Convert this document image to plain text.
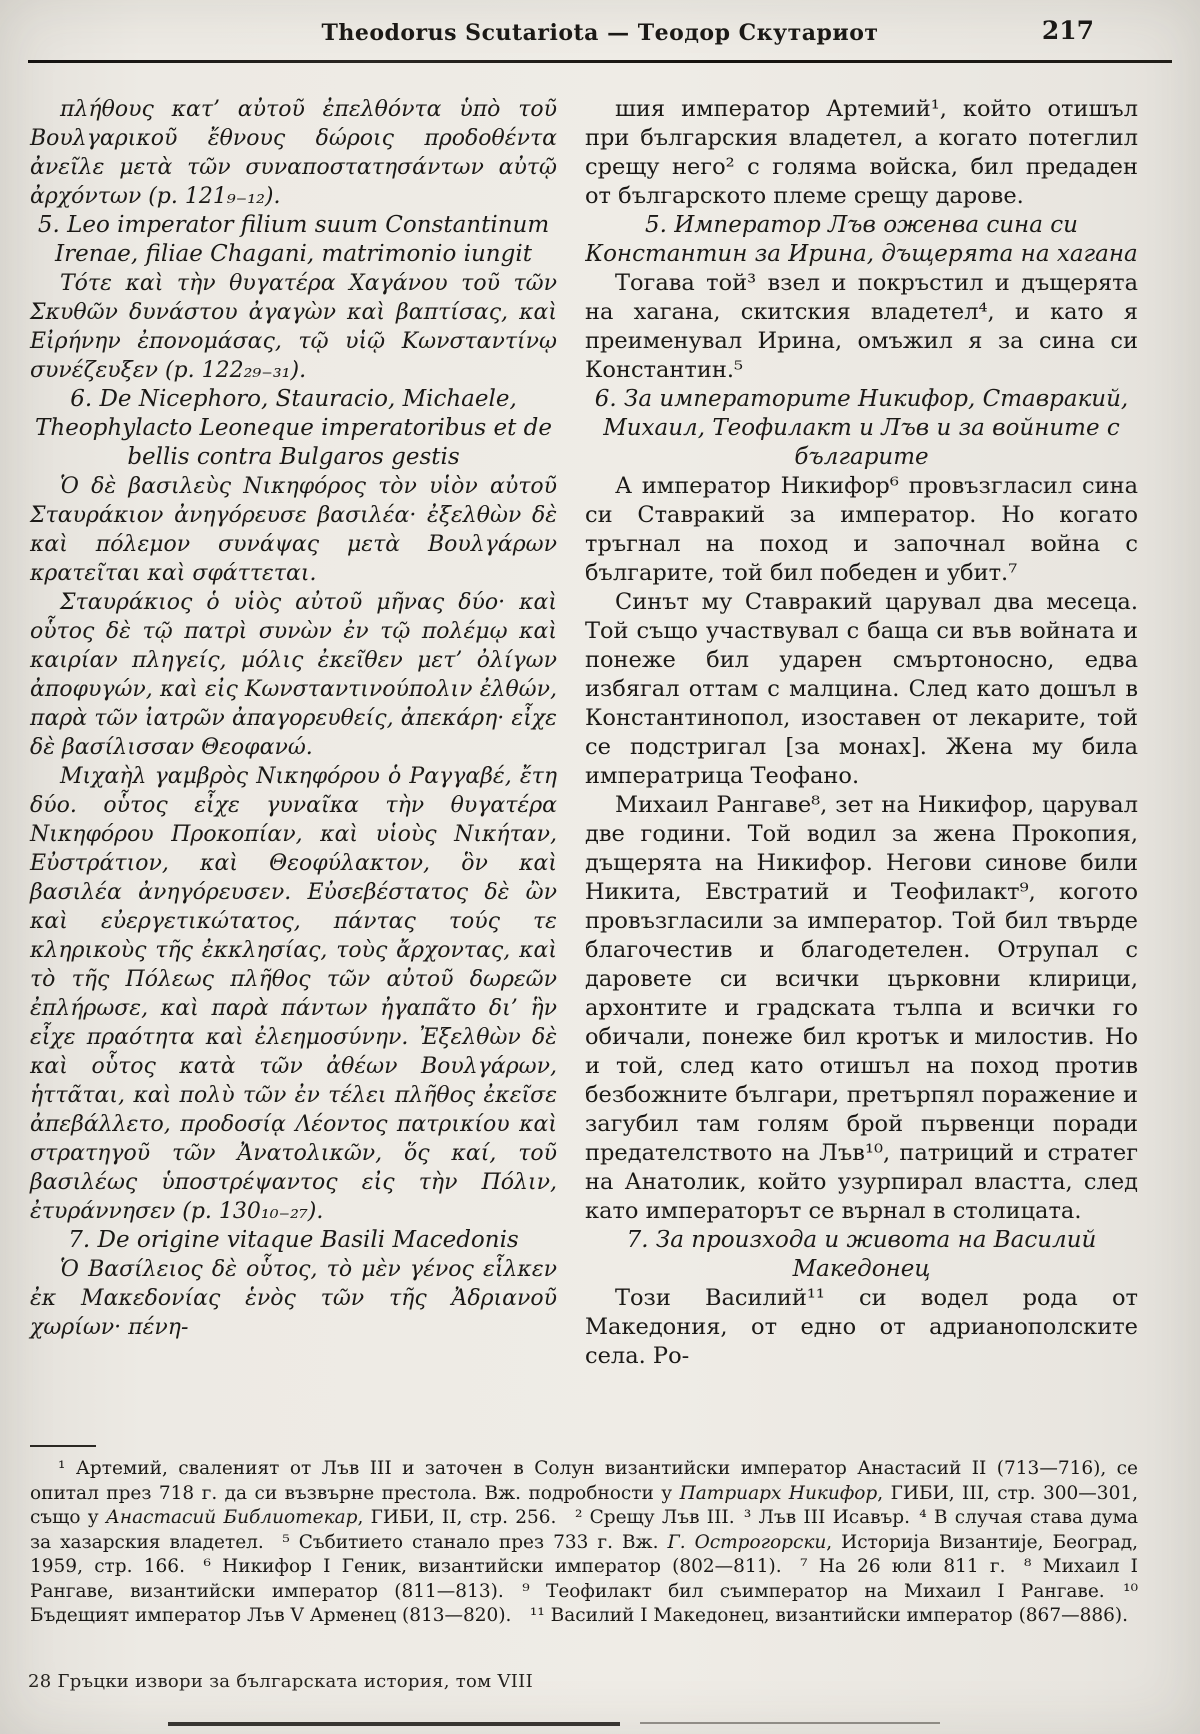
Theodorus Scutariota — Теодор Скутариот	217

πλήθους κατ’ αὐτοῦ ἐπελθόντα ὑπὸ τοῦ Βουλγαρικοῦ ἔθνους δώροις προδοθέντα ἀνεῖλε μετὰ τῶν συναποστατησάντων αὐτῷ ἀρχόντων (p. 121₉₋₁₂).

5. Leo imperator filium suum Constantinum Irenae, filiae Chagani, matrimonio iungit

Τότε καὶ τὴν θυγατέρα Χαγάνου τοῦ τῶν Σκυθῶν δυνάστου ἀγαγὼν καὶ βαπτίσας, καὶ Εἰρήνην ἐπονομάσας, τῷ υἱῷ Κωνσταντίνῳ συνέζευξεν (p. 122₂₉₋₃₁).

6. De Nicephoro, Stauracio, Michaele, Theophylacto Leoneque imperatoribus et de bellis contra Bulgaros gestis

Ὁ δὲ βασιλεὺς Νικηφόρος τὸν υἱὸν αὐτοῦ Σταυράκιον ἀνηγόρευσε βασιλέα· ἐξελθὼν δὲ καὶ πόλεμον συνάψας μετὰ Βουλγάρων κρατεῖται καὶ σφάττεται.

Σταυράκιος ὁ υἱὸς αὐτοῦ μῆνας δύο· καὶ οὗτος δὲ τῷ πατρὶ συνὼν ἐν τῷ πολέμῳ καὶ καιρίαν πληγείς, μόλις ἐκεῖθεν μετ’ ὀλίγων ἀποφυγών, καὶ εἰς Κωνσταντινούπολιν ἐλθών, παρὰ τῶν ἰατρῶν ἀπαγορευθείς, ἀπεκάρη· εἶχε δὲ βασίλισσαν Θεοφανώ.

Μιχαὴλ γαμβρὸς Νικηφόρου ὁ Ραγγαβέ, ἔτη δύο. οὗτος εἶχε γυναῖκα τὴν θυγατέρα Νικηφόρου Προκοπίαν, καὶ υἱοὺς Νικήταν, Εὐστράτιον, καὶ Θεοφύλακτον, ὃν καὶ βασιλέα ἀνηγόρευσεν. Εὐσεβέστατος δὲ ὢν καὶ εὐεργετικώτατος, πάντας τούς τε κληρικοὺς τῆς ἐκκλησίας, τοὺς ἄρχοντας, καὶ τὸ τῆς Πόλεως πλῆθος τῶν αὐτοῦ δωρεῶν ἐπλήρωσε, καὶ παρὰ πάντων ἠγαπᾶτο δι’ ἣν εἶχε πραότητα καὶ ἐλεημοσύνην. Ἐξελθὼν δὲ καὶ οὗτος κατὰ τῶν ἀθέων Βουλγάρων, ἡττᾶται, καὶ πολὺ τῶν ἐν τέλει πλῆθος ἐκεῖσε ἀπεβάλλετο, προδοσίᾳ Λέοντος πατρικίου καὶ στρατηγοῦ τῶν Ἀνατολικῶν, ὅς καί, τοῦ βασιλέως ὑποστρέψαντος εἰς τὴν Πόλιν, ἐτυράννησεν (p. 130₁₀₋₂₇).

7. De origine vitaque Basili Macedonis

Ὁ Βασίλειος δὲ οὗτος, τὸ μὲν γένος εἷλκεν ἐκ Μακεδονίας ἑνὸς τῶν τῆς Ἀδριανοῦ χωρίων· πένη-

шия император Артемий¹, който отишъл при българския владетел, а когато потеглил срещу него² с голяма войска, бил предаден от българското племе срещу дарове.

5. Император Лъв оженва сина си Константин за Ирина, дъщерята на хагана

Тогава той³ взел и покръстил и дъщерята на хагана, скитския владетел⁴, и като я преименувал Ирина, омъжил я за сина си Константин.⁵

6. За императорите Никифор, Ставракий, Михаил, Теофилакт и Лъв и за войните с българите

А император Никифор⁶ провъзгласил сина си Ставракий за император. Но когато тръгнал на поход и започнал война с българите, той бил победен и убит.⁷

Синът му Ставракий царувал два месеца. Той също участвувал с баща си във войната и понеже бил ударен смъртоносно, едва избягал оттам с малцина. След като дошъл в Константинопол, изоставен от лекарите, той се подстригал [за монах]. Жена му била императрица Теофано.

Михаил Рангаве⁸, зет на Никифор, царувал две години. Той водил за жена Прокопия, дъщерята на Никифор. Негови синове били Никита, Евстратий и Теофилакт⁹, когото провъзгласили за император. Той бил твърде благочестив и благодетелен. Отрупал с даровете си всички църковни клирици, архонтите и градската тълпа и всички го обичали, понеже бил кротък и милостив. Но и той, след като отишъл на поход против безбожните българи, претърпял поражение и загубил там голям брой първенци поради предателството на Лъв¹⁰, патриций и стратег на Анатолик, който узурпирал властта, след като императорът се върнал в столицата.

7. За произхода и живота на Василий Македонец

Този Василий¹¹ си водел рода от Македония, от едно от адрианополските села. Ро-

¹ Артемий, сваленият от Лъв III и заточен в Солун византийски император Анастасий II (713—716), се опитал през 718 г. да си възвърне престола. Вж. подробности у Патриарх Никифор, ГИБИ, III, стр. 300—301, също у Анастасий Библиотекар, ГИБИ, II, стр. 256. ² Срещу Лъв III. ³ Лъв III Исавър. ⁴ В случая става дума за хазарския владетел. ⁵ Събитието станало през 733 г. Вж. Г. Острогорски, Историја Византије, Београд, 1959, стр. 166. ⁶ Никифор I Геник, византийски император (802—811). ⁷ На 26 юли 811 г. ⁸ Михаил I Рангаве, византийски император (811—813). ⁹ Теофилакт бил съимператор на Михаил I Рангаве. ¹⁰ Бъдещият император Лъв V Арменец (813—820). ¹¹ Василий I Македонец, византийски император (867—886).
28 Гръцки извори за българската история, том VIII
